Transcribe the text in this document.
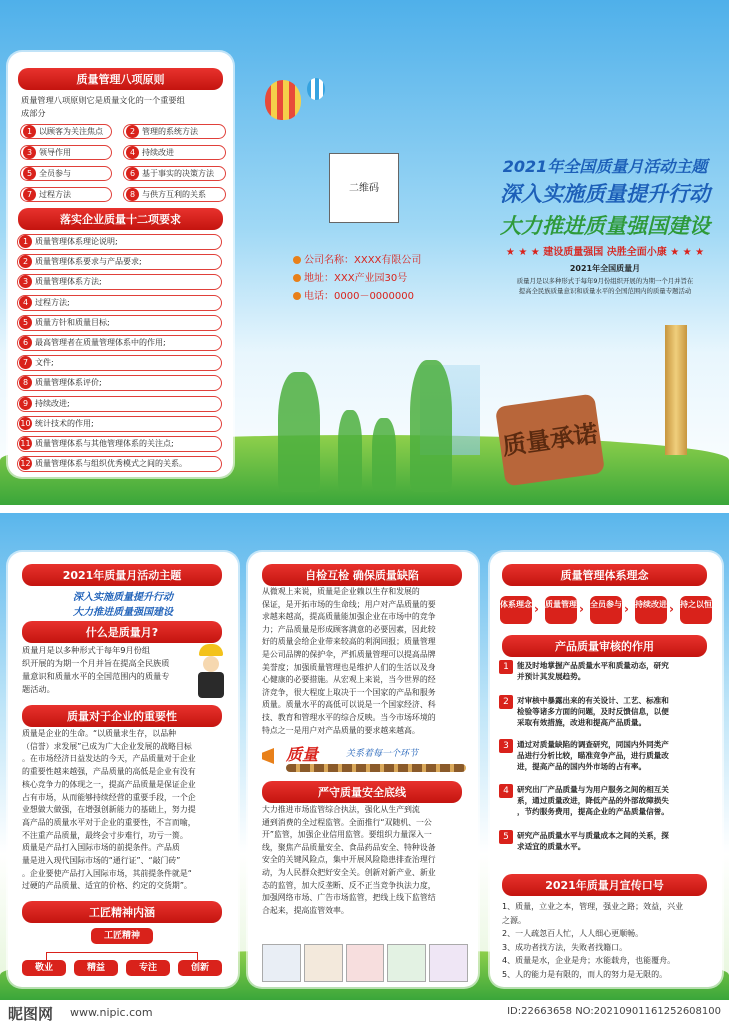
质量管理八项原则
质量管理八项原则它是质量文化的一个重要组
成部分
1 以顾客为关注焦点	2 管理的系统方法
3 领导作用	4 持续改进
5 全员参与	6 基于事实的决策方法
7 过程方法	8 与供方互利的关系
落实企业质量十二项要求
1 质量管理体系理论说明;
2 质量管理体系要求与产品要求;
3 质量管理体系方法;
4 过程方法;
5 质量方针和质量目标;
6 最高管理者在质量管理体系中的作用;
7 文件;
8 质量管理体系评价;
9 持续改进;
10 统计技术的作用;
11 质量管理体系与其他管理体系的关注点;
12 质量管理体系与组织优秀模式之间的关系。
二维码
公司名称：XXXX有限公司
地址：XXX产业园30号
电话：0000－0000000
2021年全国质量月活动主题
深入实施质量提升行动
大力推进质量强国建设
★ ★ ★ 建设质量强国 决胜全面小康 ★ ★ ★
2021年全国质量月
质量月是以多种形式于每年9月份组织开展的为期一个月并旨在
提高全民族质量意识和质量水平的全国范围内的质量专题活动
质量承诺
2021年质量月活动主题
深入实施质量提升行动
大力推进质量强国建设
什么是质量月?
质量月是以多种形式于每年9月份组
织开展的为期一个月并旨在提高全民族质
量意识和质量水平的全国范围内的质量专
题活动。
质量对于企业的重要性
质量是企业的生命。“以质量求生存，以品种
（信誉）求发展”已成为广大企业发展的战略目标
。在市场经济日益发达的今天，产品质量对于企业
的重要性越来越强，产品质量的高低是企业有没有
核心竞争力的体现之一，提高产品质量是保证企业
占有市场，从而能够持续经营的重要手段，一个企
业想做大做强，在增强创新能力的基础上，努力提
高产品的质量水平对于企业的重要性，不言而喻，
不注重产品质量，最终会寸步难行，功亏一篑。
质量是产品打入国际市场的前提条件。产品质
量是进入现代国际市场的“通行证”、“敲门砖”
。企业要使产品打入国际市场，其前提条件就是“
过硬的产品质量、适宜的价格、约定的交货期”。
工匠精神内涵
工匠精神
敬业	精益	专注	创新
自检互检 确保质量缺陷
从微观上来说，质量是企业赖以生存和发展的
保证，是开拓市场的生命线；用户对产品质量的要
求越来越高，提高质量能加强企业在市场中的竞争
力；产品质量是形成顾客满意的必要因素，因此较
好的质量会给企业带来较高的利润回报；质量管理
是公司品牌的保护伞，严抓质量管理可以提高品牌
美誉度；加强质量管理也是维护人们的生活以及身
心健康的必要措施。从宏观上来说，当今世界的经
济竞争，很大程度上取决于一个国家的产品和服务
质量。质量水平的高低可以说是一个国家经济、科
技、教育和管理水平的综合反映。当今市场环境的
特点之一是用户对产品质量的要求越来越高。
质量	关系着每一个环节
严守质量安全底线
大力推进市场监管综合执法，强化从生产到流
通到消费的全过程监管。全面推行“双随机、一公
开”监管，加强企业信用监管。要组织力量深入一
线，聚焦产品质量安全、食品药品安全、特种设备
安全的关键风险点，集中开展风险隐患排查治理行
动，为人民群众把好安全关。创新对新产业、新业
态的监管，加大反垄断、反不正当竞争执法力度，
加强网络市场、广告市场监管，把线上线下监管结
合起来，提高监管效率。
质量管理体系理念
体系理念 › 质量管理 › 全员参与 › 持续改进 › 持之以恒
产品质量审核的作用
1	能及时地掌握产品质量水平和质量动态，研究
并预计其发展趋势。
2	对审核中暴露出来的有关设计、工艺、标准和
检验等诸多方面的问题，及时反馈信息，以便
采取有效措施，改进和提高产品质量。
3	通过对质量缺陷的调查研究，同国内外同类产
品进行分析比较，瞄准竞争产品，进行质量改
进，提高产品的国内外市场的占有率。
4	研究出厂产品质量与为用户服务之间的相互关
系，通过质量改进，降低产品的外部故障损失
，节约服务费用，提高企业的产品质量信誉。
5	研究产品质量水平与质量成本之间的关系，探
求适宜的质量水平。
2021年质量月宣传口号
1、质量，立业之本，管理，强业之路；效益，兴业
之源。
2、一人疏忽百人忙，人人细心更顺畅。
3、成功者找方法，失败者找籍口。
4、质量是水，企业是舟；水能载舟，也能覆舟。
5、人的能力是有限的，而人的努力是无限的。
昵图网 www.nipic.com	ID:22663658 NO:20210901161252608100
